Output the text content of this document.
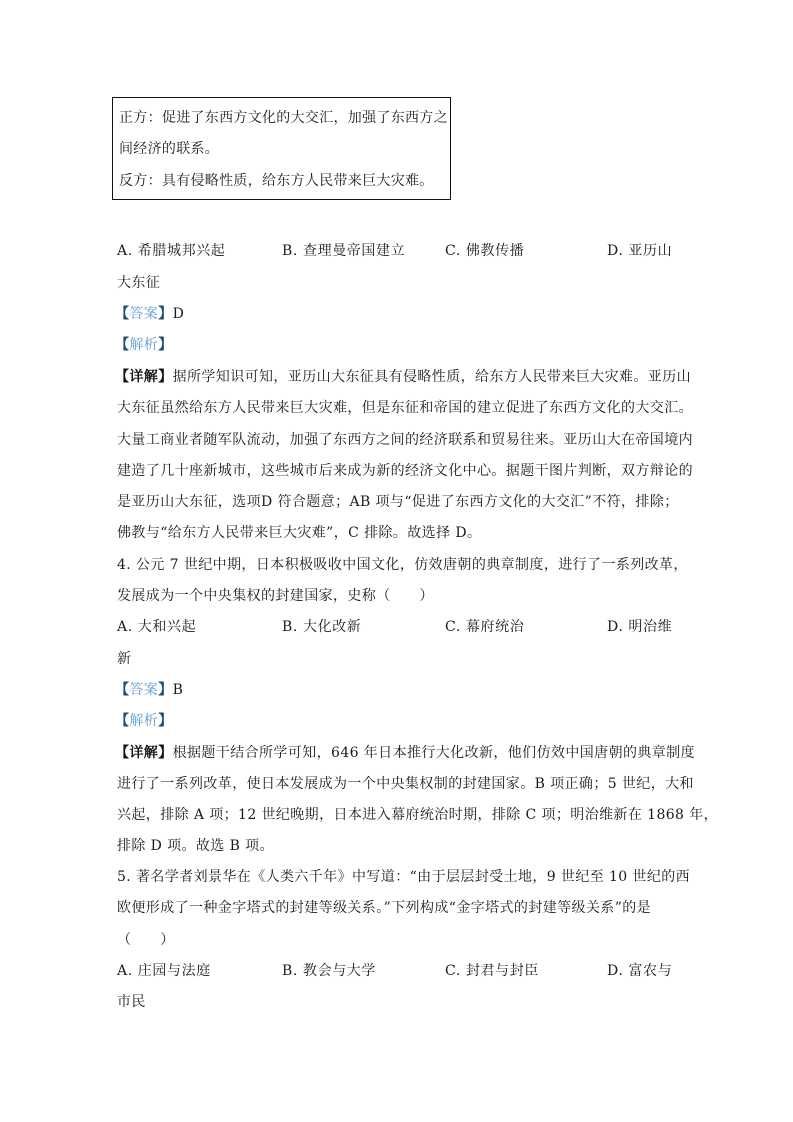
正方：促进了东西方文化的大交汇，加强了东西方之
间经济的联系。
反方：具有侵略性质，给东方人民带来巨大灾难。
A. 希腊城邦兴起	B. 查理曼帝国建立	C. 佛教传播	D. 亚历山
大东征
【答案】D
【解析】
【详解】据所学知识可知，亚历山大东征具有侵略性质，给东方人民带来巨大灾难。亚历山
大东征虽然给东方人民带来巨大灾难，但是东征和帝国的建立促进了东西方文化的大交汇。
大量工商业者随军队流动，加强了东西方之间的经济联系和贸易往来。亚历山大在帝国境内
建造了几十座新城市，这些城市后来成为新的经济文化中心。据题干图片判断，双方辩论的
是亚历山大东征，选项D 符合题意；AB 项与“促进了东西方文化的大交汇”不符，排除；
佛教与“给东方人民带来巨大灾难”，C 排除。故选择 D。
4. 公元 7 世纪中期，日本积极吸收中国文化，仿效唐朝的典章制度，进行了一系列改革，
发展成为一个中央集权的封建国家，史称（　　）
A. 大和兴起	B. 大化改新	C. 幕府统治	D. 明治维
新
【答案】B
【解析】
【详解】根据题干结合所学可知，646 年日本推行大化改新，他们仿效中国唐朝的典章制度
进行了一系列改革，使日本发展成为一个中央集权制的封建国家。B 项正确；5 世纪，大和
兴起，排除 A 项；12 世纪晚期，日本进入幕府统治时期，排除 C 项；明治维新在 1868 年，
排除 D 项。故选 B 项。
5. 著名学者刘景华在《人类六千年》中写道：“由于层层封受土地，9 世纪至 10 世纪的西
欧便形成了一种金字塔式的封建等级关系。”下列构成“金字塔式的封建等级关系”的是
（　　）
A. 庄园与法庭	B. 教会与大学	C. 封君与封臣	D. 富农与
市民
